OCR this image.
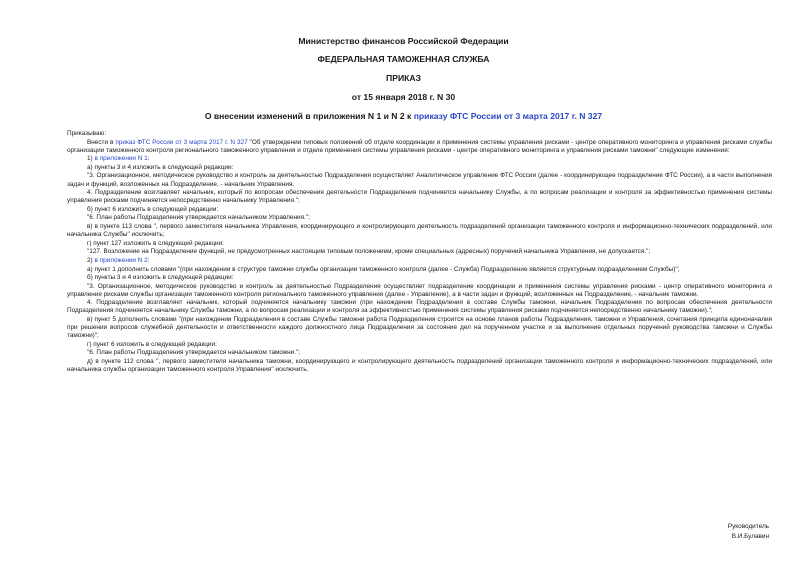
Министерство финансов Российской Федерации
ФЕДЕРАЛЬНАЯ ТАМОЖЕННАЯ СЛУЖБА
ПРИКАЗ
от 15 января 2018 г. N 30
О внесении изменений в приложения N 1 и N 2 к приказу ФТС России от 3 марта 2017 г. N 327

Приказываю:

Внести в приказ ФТС России от 3 марта 2017 г. N 327 "Об утверждении типовых положений об отделе координации и применения системы управления рисками - центре оперативного мониторинга и управления рисками службы организации таможенного контроля регионального таможенного управления и отделе применения системы управления рисками - центре оперативного мониторинга и управления рисками таможни" следующие изменения:

1) в приложении N 1:

а) пункты 3 и 4 изложить в следующей редакции:

"3. Организационное, методическое руководство и контроль за деятельностью Подразделения осуществляет Аналитическое управление ФТС России (далее - координирующее подразделение ФТС России), а в части выполнения задач и функций, возложенных на Подразделение, - начальник Управления.

4. Подразделение возглавляет начальник, который по вопросам обеспечения деятельности Подразделения подчиняется начальнику Службы, а по вопросам реализации и контроля за эффективностью применения системы управления рисками подчиняется непосредственно начальнику Управления.";

б) пункт 6 изложить в следующей редакции:

"6. План работы Подразделения утверждается начальником Управления.";

в) в пункте 113 слова ", первого заместителя начальника Управления, координирующего и контролирующего деятельность подразделений организации таможенного контроля и информационно-технических подразделений, или начальника Службы" исключить;

г) пункт 127 изложить в следующей редакции:

"127. Возложение на Подразделение функций, не предусмотренных настоящим типовым положением, кроме специальных (адресных) поручений начальника Управления, не допускается.";

2) в приложении N 2:

а) пункт 1 дополнить словами "(при нахождении в структуре таможни службы организации таможенного контроля (далее - Служба) Подразделение является структурным подразделением Службы)";

б) пункты 3 и 4 изложить в следующей редакции:

"3. Организационное, методическое руководство и контроль за деятельностью Подразделения осуществляет подразделение координации и применения системы управления рисками - центр оперативного мониторинга и управления рисками службы организации таможенного контроля регионального таможенного управления (далее - Управление), а в части задач и функций, возложенных на Подразделение, - начальник таможни.

4. Подразделение возглавляет начальник, который подчиняется начальнику таможни (при нахождении Подразделения в составе Службы таможни, начальник Подразделения по вопросам обеспечения деятельности Подразделения подчиняется начальнику Службы таможни, а по вопросам реализации и контроля за эффективностью применения системы управления рисками подчиняется непосредственно начальнику таможни).";

в) пункт 5 дополнить словами "(при нахождении Подразделения в составе Службы таможни работа Подразделения строится на основе планов работы Подразделения, таможни и Управления, сочетания принципа единоначалия при решении вопросов служебной деятельности и ответственности каждого должностного лица Подразделения за состояние дел на порученном участке и за выполнение отдельных поручений руководства таможни и Службы таможни)";

г) пункт 6 изложить в следующей редакции:

"6. План работы Подразделения утверждается начальником таможни.";

д) в пункте 112 слова ", первого заместителя начальника таможни, координирующего и контролирующего деятельность подразделений организации таможенного контроля и информационно-технических подразделений, или начальника службы организации таможенного контроля Управления" исключить.

Руководитель
В.И.Булавин
